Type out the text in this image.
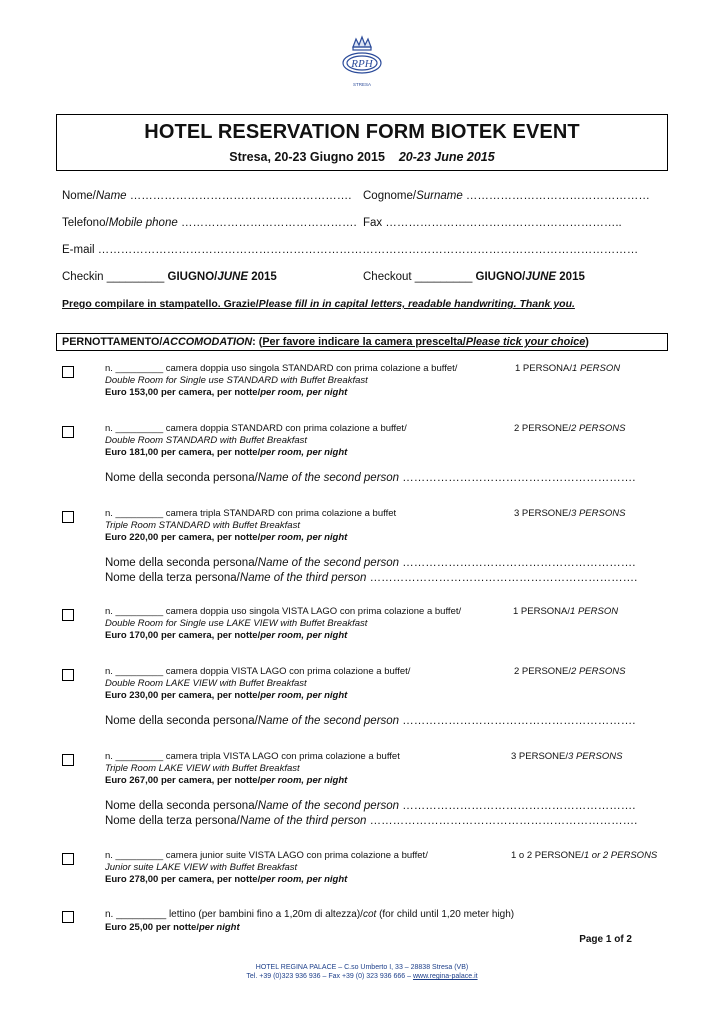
RPH
STRESA
HOTEL RESERVATION FORM BIOTEK EVENT
Stresa, 20-23 Giugno 2015 20-23 June 2015
Nome/Name …………………………………………………. Cognome/Surname …………………………………………
Telefono/Mobile phone ………………………………………. Fax ……………………………………………………..
E-mail ……………………………………………………………………………………………………………………………
Checkin _________ GIUGNO/JUNE 2015	Checkout _________ GIUGNO/JUNE 2015
Prego compilare in stampatello. Grazie/Please fill in in capital letters, readable handwriting. Thank you.
PERNOTTAMENTO/ACCOMODATION: (Per favore indicare la camera prescelta/Please tick your choice)
n. _________ camera doppia uso singola STANDARD con prima colazione a buffet/	1 PERSONA/1 PERSON
Double Room for Single use STANDARD with Buffet Breakfast
Euro 153,00 per camera, per notte/per room, per night
n. _________ camera doppia STANDARD con prima colazione a buffet/	2 PERSONE/2 PERSONS
Double Room STANDARD with Buffet Breakfast
Euro 181,00 per camera, per notte/per room, per night
Nome della seconda persona/Name of the second person …………………………………………………….
n. _________ camera tripla STANDARD con prima colazione a buffet	3 PERSONE/3 PERSONS
Triple Room STANDARD with Buffet Breakfast
Euro 220,00 per camera, per notte/per room, per night
Nome della seconda persona/Name of the second person …………………………………………………….
Nome della terza persona/Name of the third person …………………………………………………………….
n. _________ camera doppia uso singola VISTA LAGO con prima colazione a buffet/	1 PERSONA/1 PERSON
Double Room for Single use LAKE VIEW with Buffet Breakfast
Euro 170,00 per camera, per notte/per room, per night
n. _________ camera doppia VISTA LAGO con prima colazione a buffet/	2 PERSONE/2 PERSONS
Double Room LAKE VIEW with Buffet Breakfast
Euro 230,00 per camera, per notte/per room, per night
Nome della seconda persona/Name of the second person …………………………………………………….
n. _________ camera tripla VISTA LAGO con prima colazione a buffet	3 PERSONE/3 PERSONS
Triple Room LAKE VIEW with Buffet Breakfast
Euro 267,00 per camera, per notte/per room, per night
Nome della seconda persona/Name of the second person …………………………………………………….
Nome della terza persona/Name of the third person …………………………………………………………….
n. _________ camera junior suite VISTA LAGO con prima colazione a buffet/	1 o 2 PERSONE/1 or 2 PERSONS
Junior suite LAKE VIEW with Buffet Breakfast
Euro 278,00 per camera, per notte/per room, per night
n. _________ lettino (per bambini fino a 1,20m di altezza)/cot (for child until 1,20 meter high)
Euro 25,00 per notte/per night
Page 1 of 2
HOTEL REGINA PALACE – C.so Umberto I, 33 – 28838 Stresa (VB)
Tel. +39 (0)323 936 936 – Fax +39 (0) 323 936 666 – www.regina-palace.it
